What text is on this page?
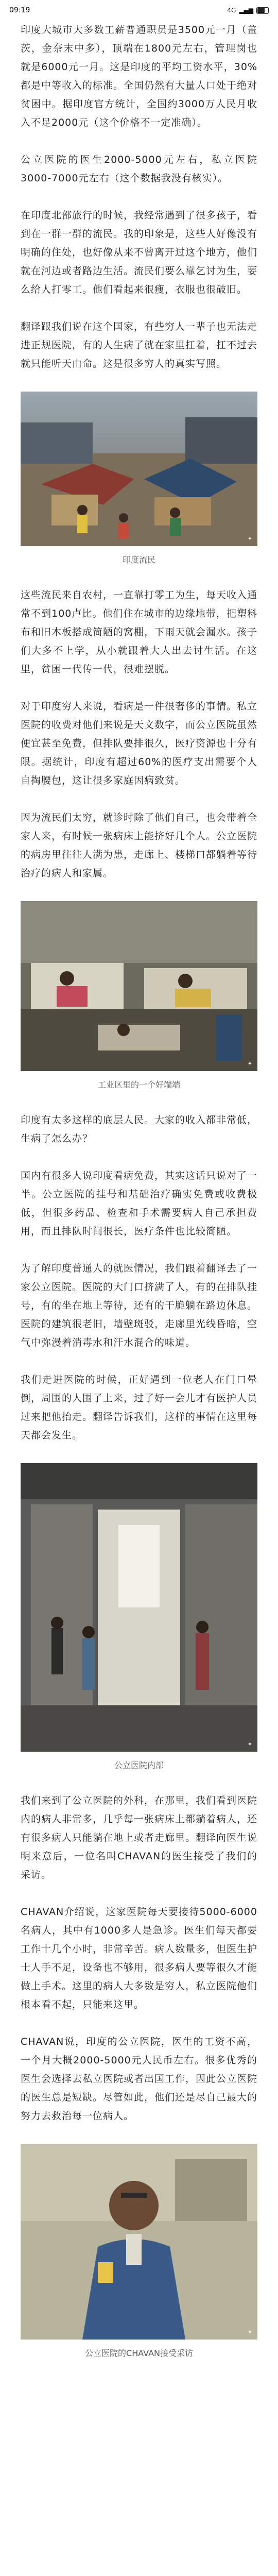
09:19	4G ▂▄▆

印度大城市大多数工薪普通职员是3500元一月（盖茨，金奈末中多），顶端在1800元左右，管理岗也就是6000元一月。这是印度的平均工资水平，30%都是中等收入的标准。全国仍然有大量人口处于绝对贫困中。据印度官方统计，全国约3000万人民月收入不足2000元（这个价格不一定准确）。

公立医院的医生2000-5000元左右，私立医院3000-7000元左右（这个数据我没有核实）。

在印度北部旅行的时候，我经常遇到了很多孩子，看到在一群一群的流民。我的印象是，这些人好像没有明确的住处，也好像从来不曾离开过这个地方，他们就在河边或者路边生活。流民们要么靠乞讨为生，要么给人打零工。他们看起来很瘦，衣服也很破旧。

翻译跟我们说在这个国家，有些穷人一辈子也无法走进正规医院，有的人生病了就在家里扛着，扛不过去就只能听天由命。这是很多穷人的真实写照。

✦
印度流民

这些流民来自农村，一直靠打零工为生，每天收入通常不到100卢比。他们住在城市的边缘地带，把塑料布和旧木板搭成简陋的窝棚，下雨天就会漏水。孩子们大多不上学，从小就跟着大人出去讨生活。在这里，贫困一代传一代，很难摆脱。

对于印度穷人来说，看病是一件很奢侈的事情。私立医院的收费对他们来说是天文数字，而公立医院虽然便宜甚至免费，但排队要排很久，医疗资源也十分有限。据统计，印度有超过60%的医疗支出需要个人自掏腰包，这让很多家庭因病致贫。

因为流民们太穷，就诊时除了他们自己，也会带着全家人来，有时候一张病床上能挤好几个人。公立医院的病房里往往人满为患，走廊上、楼梯口都躺着等待治疗的病人和家属。

✦
工业区里的一个好端端

印度有太多这样的底层人民。大家的收入都非常低，生病了怎么办？

国内有很多人说印度看病免费，其实这话只说对了一半。公立医院的挂号和基础治疗确实免费或收费极低，但很多药品、检查和手术需要病人自己承担费用，而且排队时间很长，医疗条件也比较简陋。

为了解印度普通人的就医情况，我们跟着翻译去了一家公立医院。医院的大门口挤满了人，有的在排队挂号，有的坐在地上等待，还有的干脆躺在路边休息。医院的建筑很老旧，墙壁斑驳，走廊里光线昏暗，空气中弥漫着消毒水和汗水混合的味道。

我们走进医院的时候，正好遇到一位老人在门口晕倒，周围的人围了上来，过了好一会儿才有医护人员过来把他抬走。翻译告诉我们，这样的事情在这里每天都会发生。

✦
公立医院内部

我们来到了公立医院的外科，在那里，我们看到医院内的病人非常多，几乎每一张病床上都躺着病人，还有很多病人只能躺在地上或者走廊里。翻译向医生说明来意后，一位名叫CHAVAN的医生接受了我们的采访。

CHAVAN介绍说，这家医院每天要接待5000-6000名病人，其中有1000多人是急诊。医生们每天都要工作十几个小时，非常辛苦。病人数量多，但医生护士人手不足，设备也不够用，很多病人要等很久才能做上手术。这里的病人大多数是穷人，私立医院他们根本看不起，只能来这里。

CHAVAN说，印度的公立医院，医生的工资不高，一个月大概2000-5000元人民币左右。很多优秀的医生会选择去私立医院或者出国工作，因此公立医院的医生总是短缺。尽管如此，他们还是尽自己最大的努力去救治每一位病人。

✦
公立医院的CHAVAN接受采访
